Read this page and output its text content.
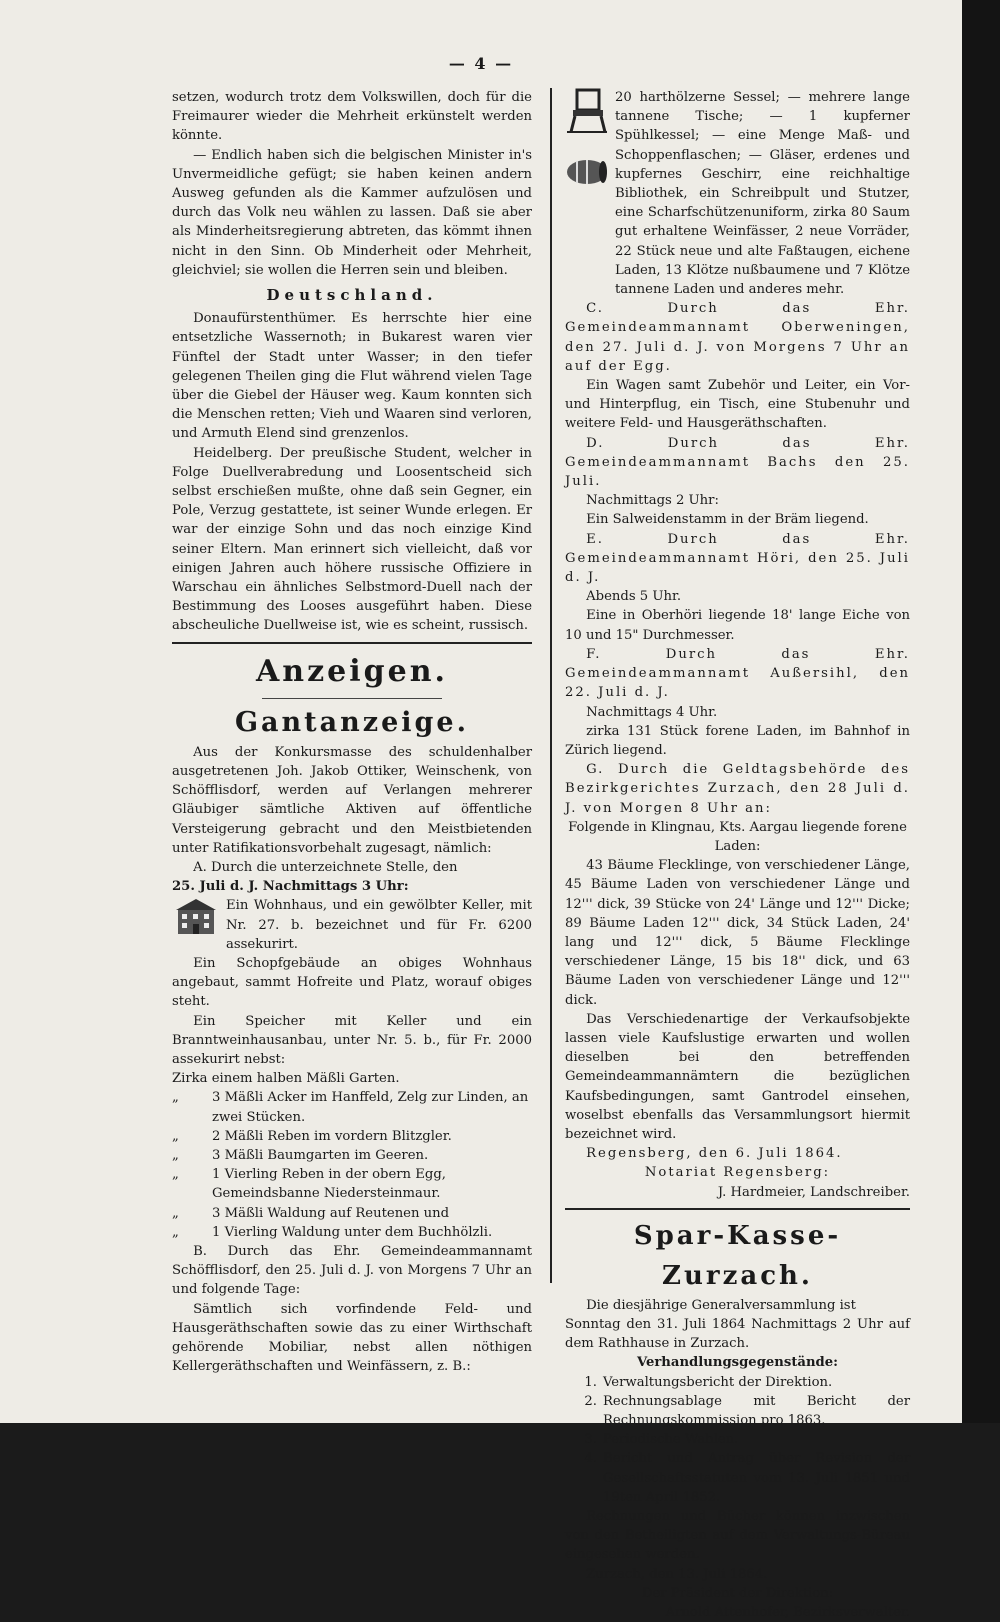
— 4 —

setzen, wodurch trotz dem Volkswillen, doch für die Freimaurer wieder die Mehrheit erkünstelt werden könnte.

— Endlich haben sich die belgischen Minister in's Unvermeidliche gefügt; sie haben keinen andern Ausweg gefunden als die Kammer aufzulösen und durch das Volk neu wählen zu lassen. Daß sie aber als Minderheitsregierung abtreten, das kömmt ihnen nicht in den Sinn. Ob Minderheit oder Mehrheit, gleichviel; sie wollen die Herren sein und bleiben.

Deutschland.

Donaufürstenthümer. Es herrschte hier eine entsetzliche Wassernoth; in Bukarest waren vier Fünftel der Stadt unter Wasser; in den tiefer gelegenen Theilen ging die Flut während vielen Tage über die Giebel der Häuser weg. Kaum konnten sich die Menschen retten; Vieh und Waaren sind verloren, und Armuth Elend sind grenzenlos.

Heidelberg. Der preußische Student, welcher in Folge Duellverabredung und Loosentscheid sich selbst erschießen mußte, ohne daß sein Gegner, ein Pole, Verzug gestattete, ist seiner Wunde erlegen. Er war der einzige Sohn und das noch einzige Kind seiner Eltern. Man erinnert sich vielleicht, daß vor einigen Jahren auch höhere russische Offiziere in Warschau ein ähnliches Selbstmord-Duell nach der Bestimmung des Looses ausgeführt haben. Diese abscheuliche Duellweise ist, wie es scheint, russisch.

Anzeigen.
Gantanzeige.

Aus der Konkursmasse des schuldenhalber ausgetretenen Joh. Jakob Ottiker, Weinschenk, von Schöfflisdorf, werden auf Verlangen mehrerer Gläubiger sämtliche Aktiven auf öffentliche Versteigerung gebracht und den Meistbietenden unter Ratifikationsvorbehalt zugesagt, nämlich:

A. Durch die unterzeichnete Stelle, den

25. Juli d. J. Nachmittags 3 Uhr:

Ein Wohnhaus, und ein gewölbter Keller, mit Nr. 27. b. bezeichnet und für Fr. 6200 assekurirt.

Ein Schopfgebäude an obiges Wohnhaus angebaut, sammt Hofreite und Platz, worauf obiges steht.

Ein Speicher mit Keller und ein Branntweinhausanbau, unter Nr. 5. b., für Fr. 2000 assekurirt nebst:

Zirka einem halben Mäßli Garten.

„	3 Mäßli Acker im Hanffeld, Zelg zur Linden, an zwei Stücken.
„	2 Mäßli Reben im vordern Blitzgler.
„	3 Mäßli Baumgarten im Geeren.
„	1 Vierling Reben in der obern Egg, Gemeindsbanne Niedersteinmaur.
„	3 Mäßli Waldung auf Reutenen und
„	1 Vierling Waldung unter dem Buchhölzli.

B. Durch das Ehr. Gemeindeammannamt Schöfflisdorf, den 25. Juli d. J. von Morgens 7 Uhr an und folgende Tage:

Sämtlich sich vorfindende Feld- und Hausgeräthschaften sowie das zu einer Wirthschaft gehörende Mobiliar, nebst allen nöthigen Kellergeräthschaften und Weinfässern, z. B.:

20 harthölzerne Sessel; — mehrere lange tannene Tische; — 1 kupferner Spühlkessel; — eine Menge Maß- und Schoppenflaschen; — Gläser, erdenes und kupfernes Geschirr, eine reichhaltige Bibliothek, ein Schreibpult und Stutzer, eine Scharfschützenuniform, zirka 80 Saum gut erhaltene Weinfässer, 2 neue Vorräder, 22 Stück neue und alte Faßtaugen, eichene Laden, 13 Klötze nußbaumene und 7 Klötze tannene Laden und anderes mehr.

C. Durch das Ehr. Gemeindeammannamt Oberweningen, den 27. Juli d. J. von Morgens 7 Uhr an auf der Egg.

Ein Wagen samt Zubehör und Leiter, ein Vor- und Hinterpflug, ein Tisch, eine Stubenuhr und weitere Feld- und Hausgeräthschaften.

D. Durch das Ehr. Gemeindeammannamt Bachs den 25. Juli.

Nachmittags 2 Uhr:

Ein Salweidenstamm in der Bräm liegend.

E. Durch das Ehr. Gemeindeammannamt Höri, den 25. Juli d. J.

Abends 5 Uhr.

Eine in Oberhöri liegende 18' lange Eiche von 10 und 15" Durchmesser.

F. Durch das Ehr. Gemeindeammannamt Außersihl, den 22. Juli d. J.

Nachmittags 4 Uhr.

zirka 131 Stück forene Laden, im Bahnhof in Zürich liegend.

G. Durch die Geldtagsbehörde des Bezirkgerichtes Zurzach, den 28 Juli d. J. von Morgen 8 Uhr an:

Folgende in Klingnau, Kts. Aargau liegende forene Laden:

43 Bäume Flecklinge, von verschiedener Länge, 45 Bäume Laden von verschiedener Länge und 12''' dick, 39 Stücke von 24' Länge und 12''' Dicke; 89 Bäume Laden 12''' dick, 34 Stück Laden, 24' lang und 12''' dick, 5 Bäume Flecklinge verschiedener Länge, 15 bis 18'' dick, und 63 Bäume Laden von verschiedener Länge und 12''' dick.

Das Verschiedenartige der Verkaufsobjekte lassen viele Kaufslustige erwarten und wollen dieselben bei den betreffenden Gemeindeammannämtern die bezüglichen Kaufsbedingungen, samt Gantrodel einsehen, woselbst ebenfalls das Versammlungsort hiermit bezeichnet wird.

Regensberg, den 6. Juli 1864.

Notariat Regensberg:

J. Hardmeier, Landschreiber.

Spar-Kasse-Zurzach.

Die diesjährige Generalversammlung ist

Sonntag den 31. Juli 1864 Nachmittags 2 Uhr auf dem Rathhause in Zurzach.

Verhandlungsgegenstände:

1. Verwaltungsbericht der Direktion.
2. Rechnungsablage mit Bericht der Rechnungskommission pro 1863.
3. Periodische Wahlen.
4. Bericht und Antrag über Revision der Gesellschaftsstatuten vom 13. Juli 1851 und 19ten April 1852.

Rechnungen und Bücher können inzwischen von den Betheiligten auf dem Verwaltungs-Büreau eingesehen werden.

Zurzach, den 13. Juli 1864.

Der Präsident der Direktion:

Arnold Attenhofer, Bezirksverwalter.
